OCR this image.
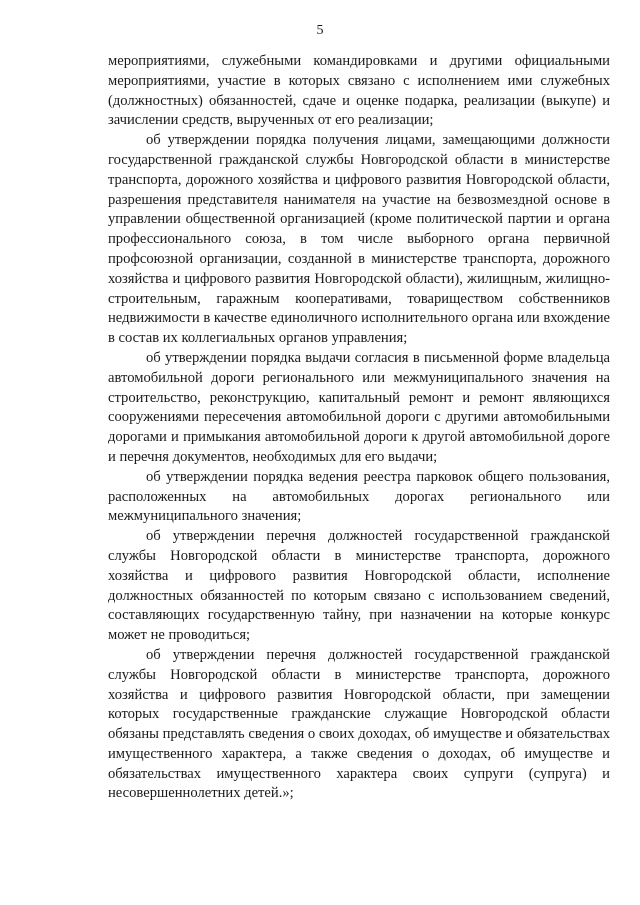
5

мероприятиями, служебными командировками и другими официальными мероприятиями, участие в которых связано с исполнением ими служебных (должностных) обязанностей, сдаче и оценке подарка, реализации (выкупе) и зачислении средств, вырученных от его реализации;

об утверждении порядка получения лицами, замещающими должности государственной гражданской службы Новгородской области в министерстве транспорта, дорожного хозяйства и цифрового развития Новгородской области, разрешения представителя нанимателя на участие на безвозмездной основе в управлении общественной организацией (кроме политической партии и органа профессионального союза, в том числе выборного органа первичной профсоюзной организации, созданной в министерстве транспорта, дорожного хозяйства и цифрового развития Новгородской области), жилищным, жилищно-строительным, гаражным кооперативами, товариществом собственников недвижимости в качестве единоличного исполнительного органа или вхождение в состав их коллегиальных органов управления;

об утверждении порядка выдачи согласия в письменной форме владельца автомобильной дороги регионального или межмуниципального значения на строительство, реконструкцию, капитальный ремонт и ремонт являющихся сооружениями пересечения автомобильной дороги с другими автомобильными дорогами и примыкания автомобильной дороги к другой автомобильной дороге и перечня документов, необходимых для его выдачи;

об утверждении порядка ведения реестра парковок общего пользования, расположенных на автомобильных дорогах регионального или межмуниципального значения;

об утверждении перечня должностей государственной гражданской службы Новгородской области в министерстве транспорта, дорожного хозяйства и цифрового развития Новгородской области, исполнение должностных обязанностей по которым связано с использованием сведений, составляющих государственную тайну, при назначении на которые конкурс может не проводиться;

об утверждении перечня должностей государственной гражданской службы Новгородской области в министерстве транспорта, дорожного хозяйства и цифрового развития Новгородской области, при замещении которых государственные гражданские служащие Новгородской области обязаны представлять сведения о своих доходах, об имуществе и обязательствах имущественного характера, а также сведения о доходах, об имуществе и обязательствах имущественного характера своих супруги (супруга) и несовершеннолетних детей.»;
